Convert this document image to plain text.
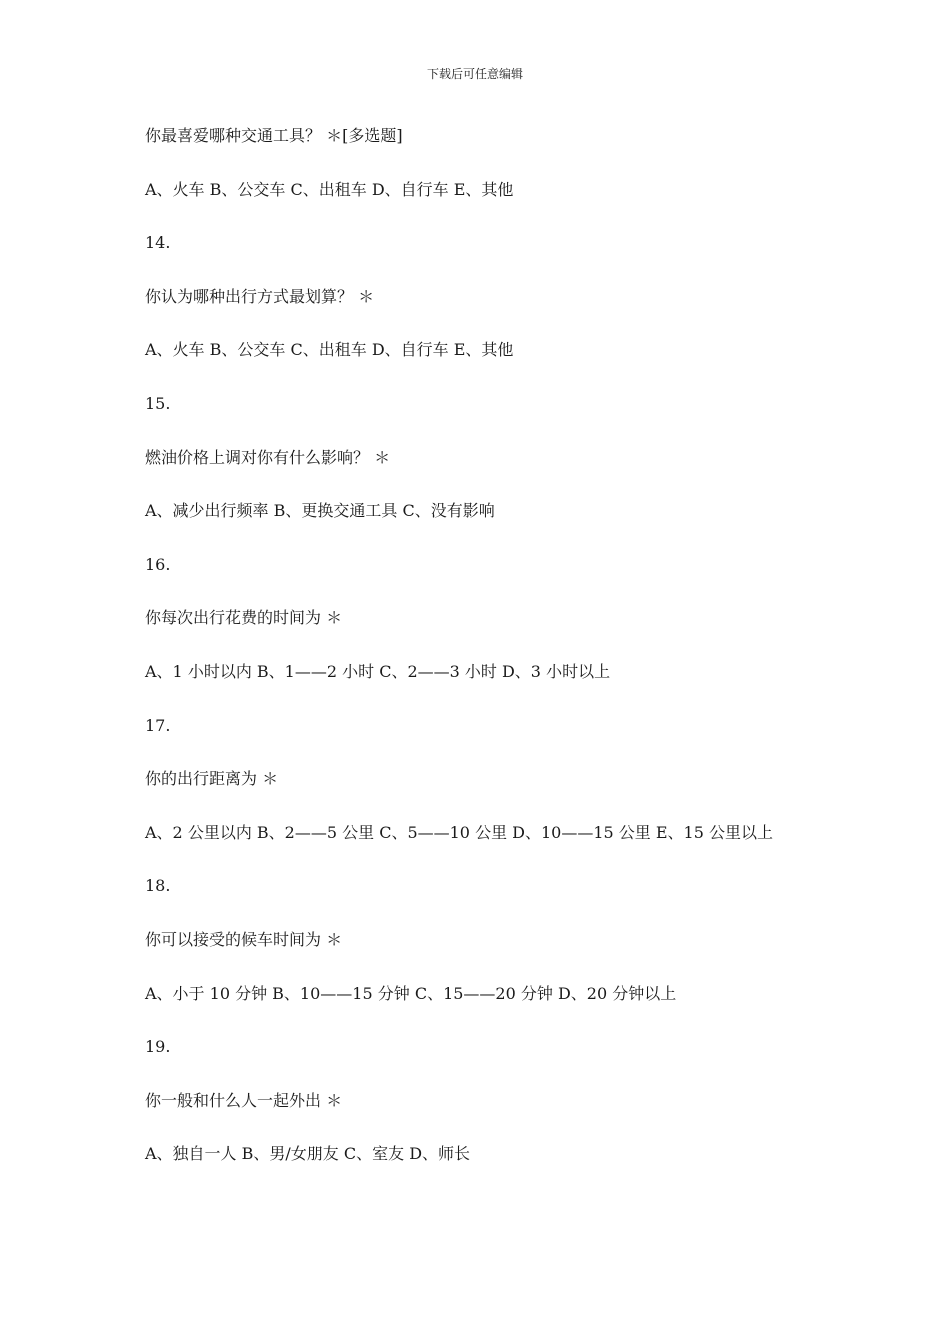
下载后可任意编辑
你最喜爱哪种交通工具？ ＊[多选题]
A、火车 B、公交车 C、出租车 D、自行车 E、其他
14.
你认为哪种出行方式最划算？ ＊
A、火车 B、公交车 C、出租车 D、自行车 E、其他
15.
燃油价格上调对你有什么影响？ ＊
A、减少出行频率 B、更换交通工具 C、没有影响
16.
你每次出行花费的时间为 ＊
A、1 小时以内 B、1——2 小时 C、2——3 小时 D、3 小时以上
17.
你的出行距离为 ＊
A、2 公里以内 B、2——5 公里 C、5——10 公里 D、10——15 公里 E、15 公里以上
18.
你可以接受的候车时间为 ＊
A、小于 10 分钟 B、10——15 分钟 C、15——20 分钟 D、20 分钟以上
19.
你一般和什么人一起外出 ＊
A、独自一人 B、男/女朋友 C、室友 D、师长
